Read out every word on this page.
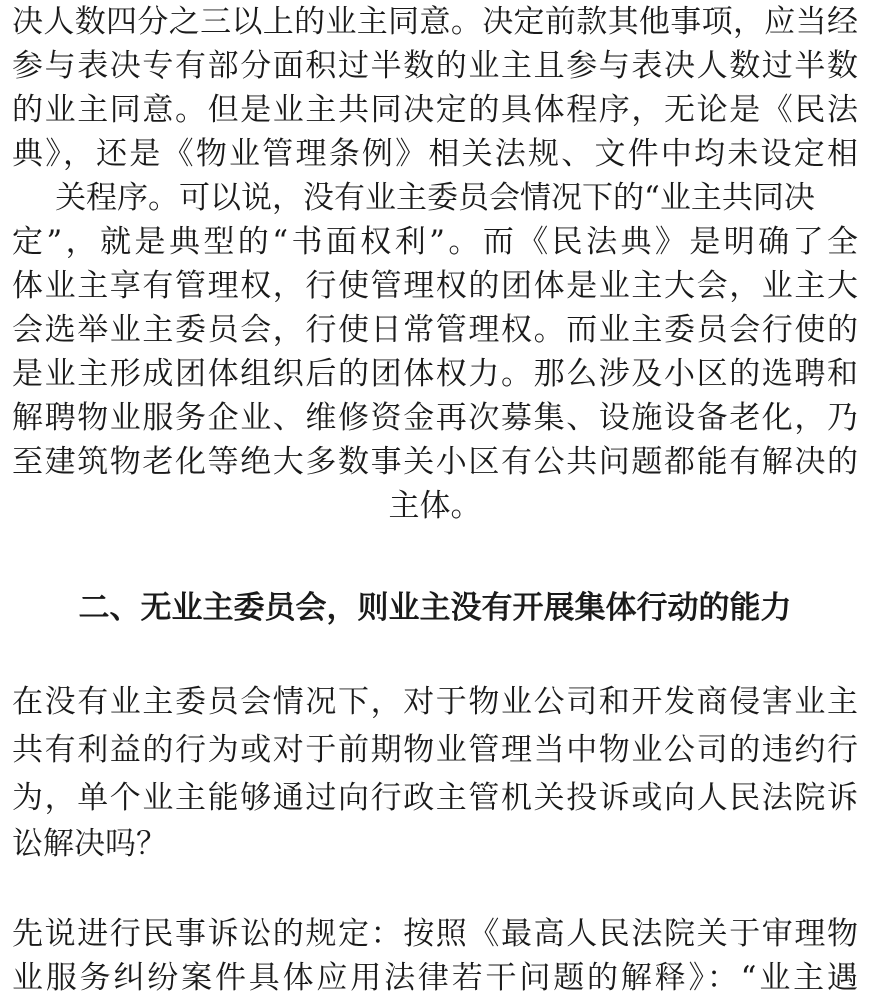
决人数四分之三以上的业主同意。决定前款其他事项，应当经
参与表决专有部分面积过半数的业主且参与表决人数过半数
的业主同意。但是业主共同决定的具体程序，无论是《民法
典》，还是《物业管理条例》相关法规、文件中均未设定相
关程序。可以说，没有业主委员会情况下的“业主共同决
定”，就是典型的“书面权利”。而《民法典》是明确了全
体业主享有管理权，行使管理权的团体是业主大会，业主大
会选举业主委员会，行使日常管理权。而业主委员会行使的
是业主形成团体组织后的团体权力。那么涉及小区的选聘和
解聘物业服务企业、维修资金再次募集、设施设备老化，乃
至建筑物老化等绝大多数事关小区有公共问题都能有解决的
主体。
二、无业主委员会，则业主没有开展集体行动的能力
在没有业主委员会情况下，对于物业公司和开发商侵害业主
共有利益的行为或对于前期物业管理当中物业公司的违约行
为，单个业主能够通过向行政主管机关投诉或向人民法院诉
讼解决吗？
先说进行民事诉讼的规定：按照《最高人民法院关于审理物
业服务纠纷案件具体应用法律若干问题的解释》：“业主遇
